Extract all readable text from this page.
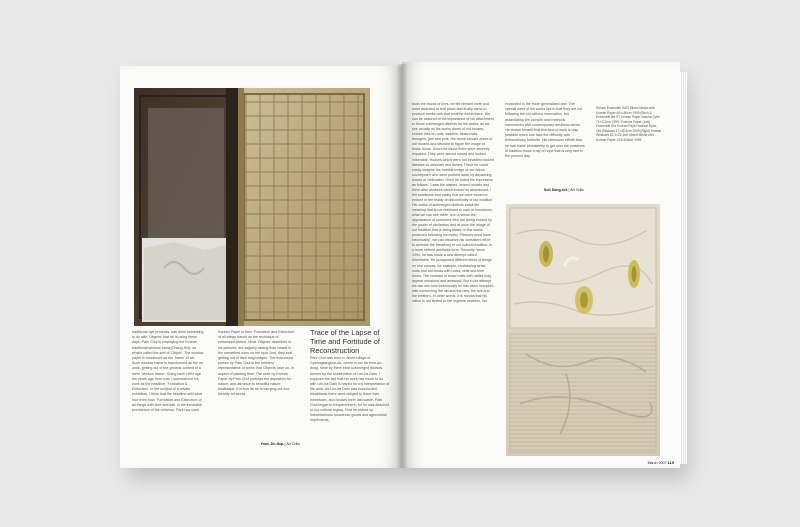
traditional dye products, has done something to do with 'Objects' that he is using these days. Park Chul is employing the Korean traditional window frame(Chang-Hoi), as what's called the sort of 'Object'. The window paper is functioned as the 'frame' of art. Such window frame is transformed as the art work, getting out of the general context of a mere 'window frame'. Going back 1994 age ten years ago from now, I summarized his work as the headline, 'Formation & Extinction'. In the subject of a private exhibition, I think that the headline still holds true even now. 'Formation and Extinction' of all things with time and tide, is the inevitable providence of the universe. Park has used
Korean Paper to form 'Formation and Extinction', of all things based on the technique of embossed picture. Most 'Objects' described in his pictures, are vaguely raising their heads in the unearthed ruins on the spot. And, they look getting out of their long images. The embossed picture by Park Chul is the emblem representative of forms that 'Objects' take on, in aspect of passing time. The work by Korean Paper by Park Chul portrays the aspiration for nature, and advance to beautiful nature landscape. It is true as he is carrying out eco-friendly art works.
Yoon Jin-Sup | Art Critic
Trace of the Lapse of Time and Fortitude of Reconstruction
Park Chul was born in Jeom-village of Gyeongsangbuk-do, where is not far from An-dong. Near by there exist submerged districts formed by the construction of Lim-ha Dam. I suppose the fact that his work has much to do with Lim-ha Dam is helpful for my interpretation of his work. As Lim-ha Dam was constructed, inhabitants there were obliged to leave their hometown, and houses were laid waste. Park Chul began to frequent there, for he was attached to our cultural legacy. First he picked up miscellaneous household goods and agricultural implements,
tools the traces of lives, he felt himself more and more attached to that place and finally came to produce works with that motif he found there. We can be assured of the importance of his attachment to those submerged districts for his works, as we see usually on his works doors of old houses, broken tiles of roofs, saddles, straw mats, thongers, jars and pots. His name echoes doors of old houses and decided to figure the image of those doors. Doors he found there were severely impaired. They were almost ruined and looked miserable. Houses which were not inhabited looked likewise so desolate and dreary. There he could easily imagine the humble image of our fellow countrymen who were pushed away by advancing waves of civilization. Once he noted his impression as follows: 'I saw the wasted, seized houses and there also windows which looked so abandoned. I felt loneliness and vanity that we were forced to endure in the reality of discontinuity of our tradition.' His works of submerged districts entail the meaning that is not restricted to care of hometown, what we can see there, is in a sense the appearance of ourselves who are being eroded by the power of civilization and at once the image of our tradition that is being faded. In the works produced following his motto, 'Pictures must have historicality', we can visualize his consistent effort to animate the breathing of our cultural tradition, in a more refined aesthetic form. Recently, since 1994, he has made a new attempt called Inheritable. He juxtaposed different kinds of things on one canvas, for example, contrasting straw mats and old books with rocks, cells and their forms. The contrast of straw mats with rattles may appear unnatural and awkward. But in his attempt we can see how strenuously he has been occupied with connecting the old and the new, the folk and the western. In other words, it is means that his vision is not limited to the regional problem, but
expanded to the more generalized one. The special merit of his works lies in that they are not following the old without reservation, but assimilating the old with new methods harmonized with contemporary aesthetic sense. He shows himself that this kind of work is only possible when one face the difficulty with extraordinary fortitude. His strenuous efforts that he has made persistently to get over the problems of tradition throw a ray of hope that is very rare in the present day.
Suh Sung-rok | Art Critic
Deluxe Ensemble 2003 Mixed Media with Korean Paper 40×160cm 1999 (Birch & Ensemble life IT) Korean Paper Natural Dyes 71×112cm 1999 / Fortune Paper (Left) Ensemble 40x Korean Paper Natural Dyes, Old Windows 47×45.5cm 1999 (Right) Korean Windows 62.1×21.4cm Mixed Media with Korean Paper 103×105cm 1999
March 2007 119
